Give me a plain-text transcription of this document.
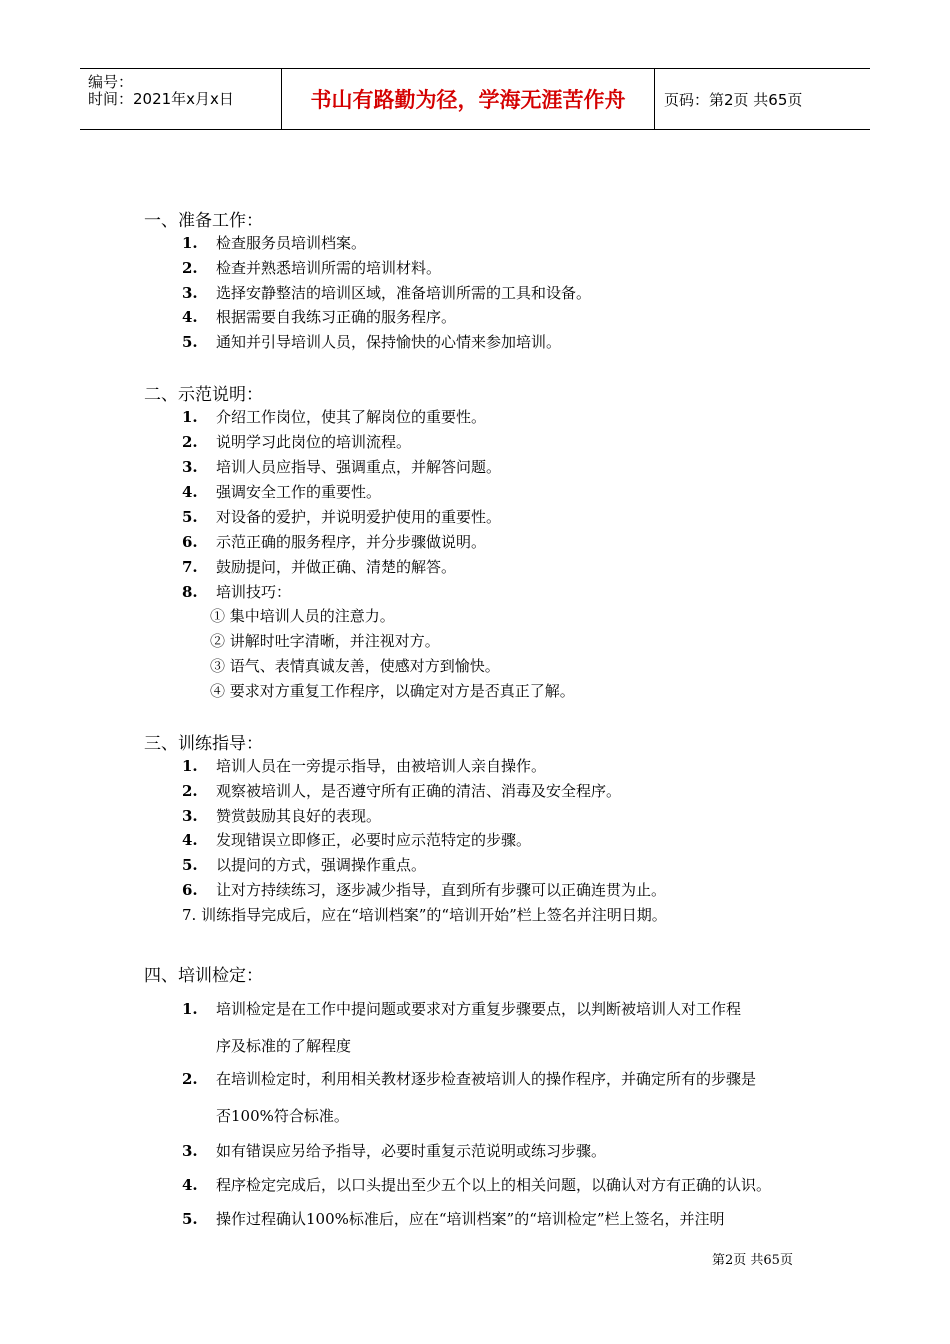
编号：
时间：2021年x月x日	书山有路勤为径，学海无涯苦作舟	页码：第2页 共65页
一、准备工作：
1. 检查服务员培训档案。
2. 检查并熟悉培训所需的培训材料。
3. 选择安静整洁的培训区域，准备培训所需的工具和设备。
4. 根据需要自我练习正确的服务程序。
5. 通知并引导培训人员，保持愉快的心情来参加培训。
二、示范说明：
1. 介绍工作岗位，使其了解岗位的重要性。
2. 说明学习此岗位的培训流程。
3. 培训人员应指导、强调重点，并解答问题。
4. 强调安全工作的重要性。
5. 对设备的爱护，并说明爱护使用的重要性。
6. 示范正确的服务程序，并分步骤做说明。
7. 鼓励提问，并做正确、清楚的解答。
8. 培训技巧：
① 集中培训人员的注意力。
② 讲解时吐字清晰，并注视对方。
③ 语气、表情真诚友善，使感对方到愉快。
④ 要求对方重复工作程序，以确定对方是否真正了解。
三、训练指导：
1. 培训人员在一旁提示指导，由被培训人亲自操作。
2. 观察被培训人，是否遵守所有正确的清洁、消毒及安全程序。
3. 赞赏鼓励其良好的表现。
4. 发现错误立即修正，必要时应示范特定的步骤。
5. 以提问的方式，强调操作重点。
6. 让对方持续练习，逐步减少指导，直到所有步骤可以正确连贯为止。
7. 训练指导完成后，应在“培训档案”的“培训开始”栏上签名并注明日期。
四、培训检定：
1. 培训检定是在工作中提问题或要求对方重复步骤要点，以判断被培训人对工作程
序及标准的了解程度
2. 在培训检定时，利用相关教材逐步检查被培训人的操作程序，并确定所有的步骤是
否100%符合标准。
3. 如有错误应另给予指导，必要时重复示范说明或练习步骤。
4. 程序检定完成后，以口头提出至少五个以上的相关问题，以确认对方有正确的认识。
5. 操作过程确认100%标准后，应在“培训档案”的“培训检定”栏上签名，并注明
第2页 共65页
